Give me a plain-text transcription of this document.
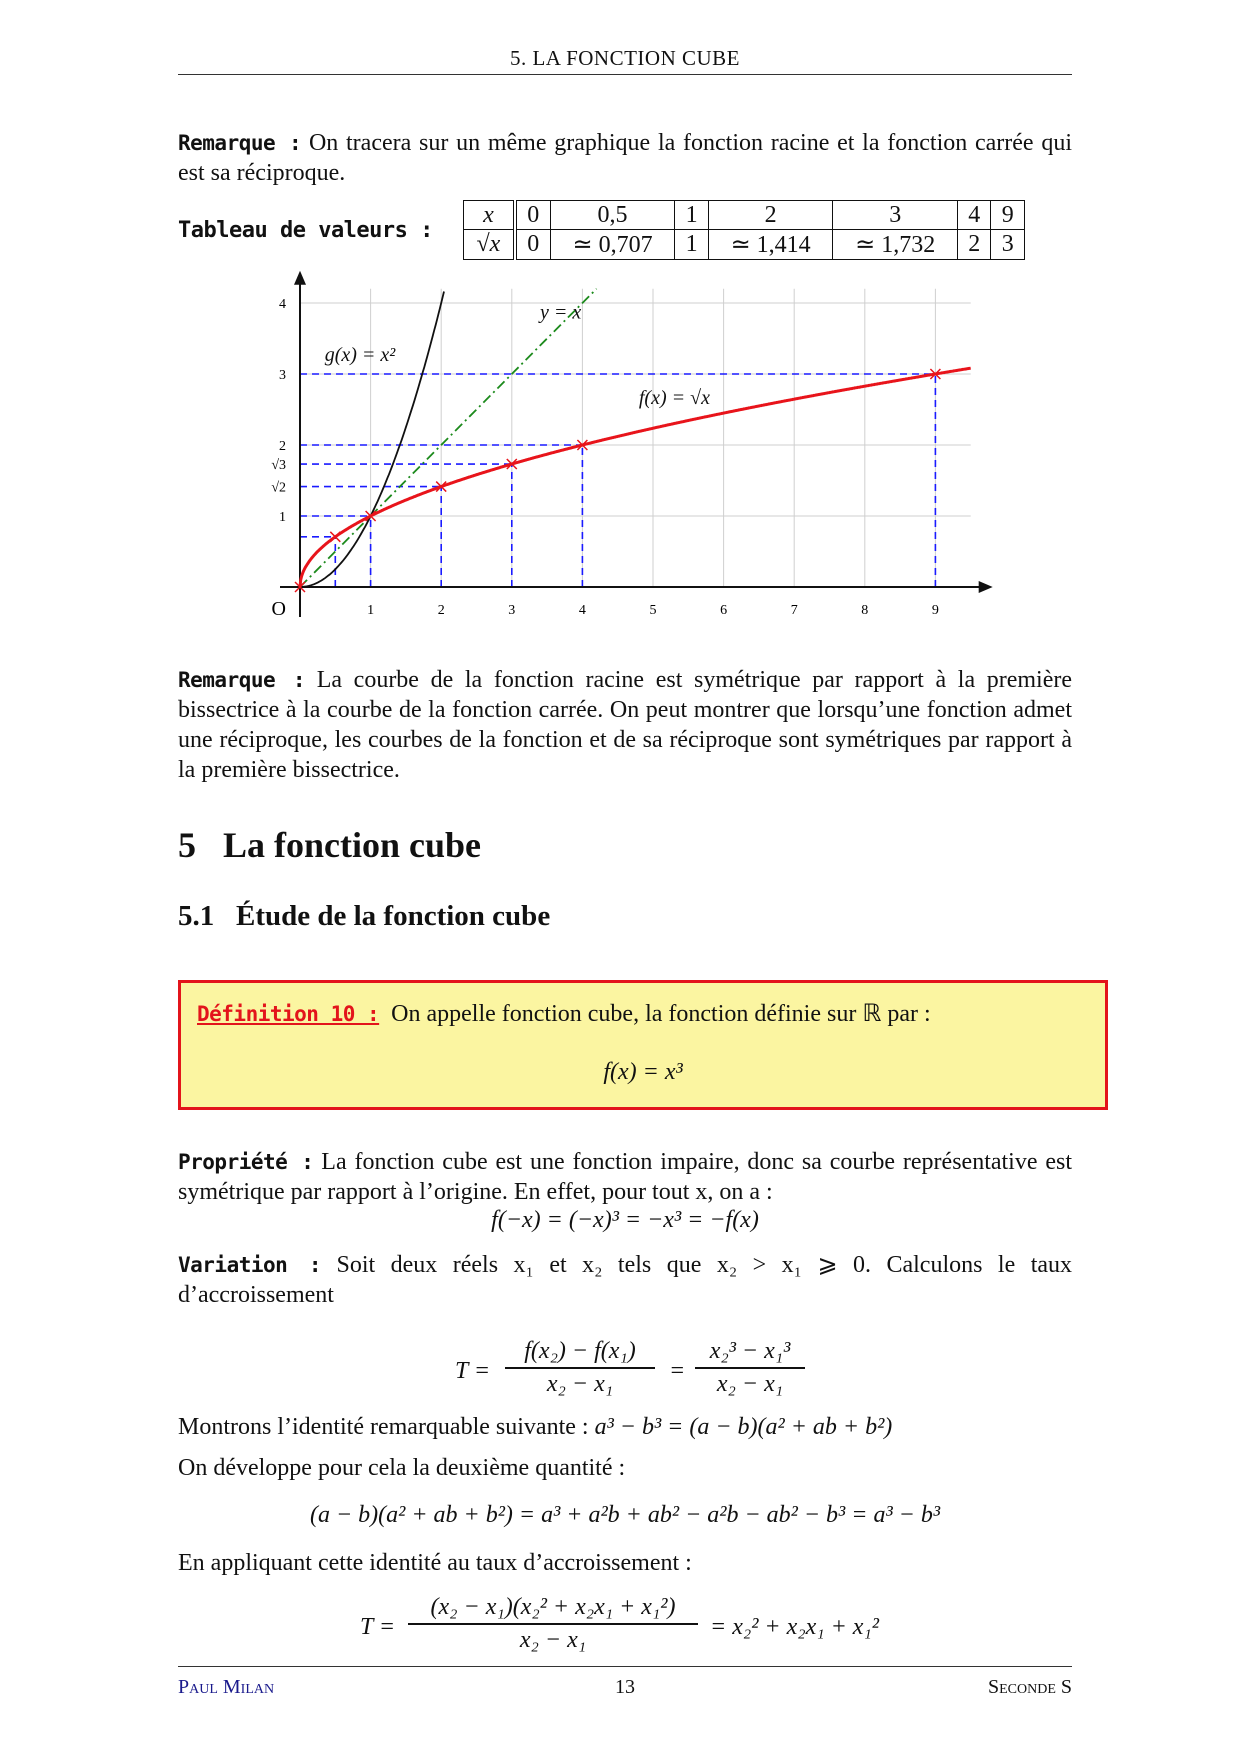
5. LA FONCTION CUBE
Remarque : On tracera sur un même graphique la fonction racine et la fonction carrée qui est sa réciproque.
Tableau de valeurs :
x	0	0,5	1	2	3	4	9
√x	0	≃ 0,707	1	≃ 1,414	≃ 1,732	2	3
1	2	3	4	5	6	7	8	9
1
√2
√3
2
3
4
O
y = x
g(x) = x²
f(x) = √x
Remarque : La courbe de la fonction racine est symétrique par rapport à la première bissectrice à la courbe de la fonction carrée. On peut montrer que lorsqu’une fonction admet une réciproque, les courbes de la fonction et de sa réciproque sont symétriques par rapport à la première bissectrice.
5 La fonction cube
5.1 Étude de la fonction cube
Définition 10 : On appelle fonction cube, la fonction définie sur ℝ par :
f(x) = x³
Propriété : La fonction cube est une fonction impaire, donc sa courbe représentative est symétrique par rapport à l’origine. En effet, pour tout x, on a :
f(−x) = (−x)³ = −x³ = −f(x)
Variation : Soit deux réels x₁ et x₂ tels que x₂ > x₁ ⩾ 0. Calculons le taux d’accroissement
T =
f(x₂) − f(x₁)
x₂ − x₁	=
x₂³ − x₁³
x₂ − x₁
Montrons l’identité remarquable suivante : a³ − b³ = (a − b)(a² + ab + b²)
On développe pour cela la deuxième quantité :
(a − b)(a² + ab + b²) = a³ + a²b + ab² − a²b − ab² − b³ = a³ − b³
En appliquant cette identité au taux d’accroissement :
T =
(x₂ − x₁)(x₂² + x₂x₁ + x₁²)
x₂ − x₁	= x₂² + x₂x₁ + x₁²
Paul Milan	13	Seconde S
